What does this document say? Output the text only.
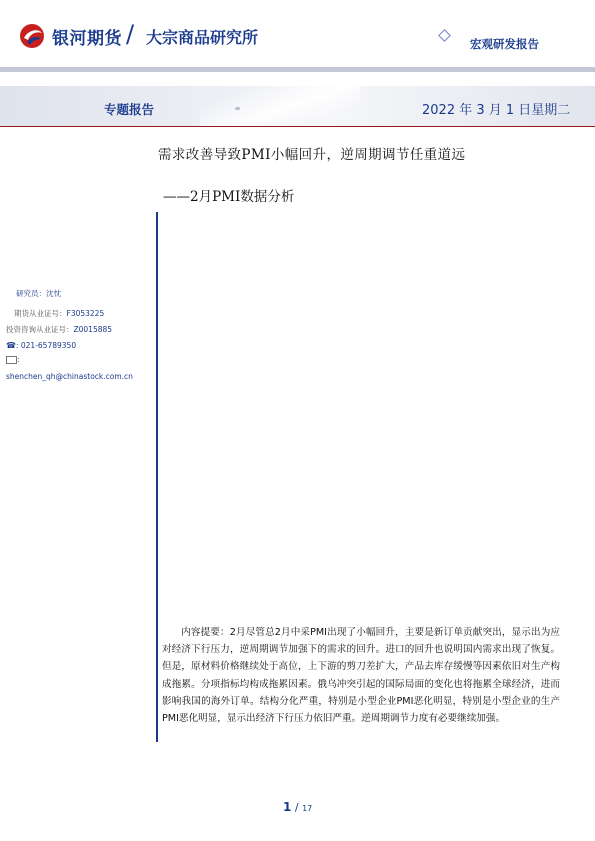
银河期货 / 大宗商品研究所	宏观研发报告
专题报告	2022 年 3 月 1 日星期二
需求改善导致PMI小幅回升，逆周期调节任重道远
——2月PMI数据分析
研究员：沈忱
期货从业证号：F3053225
投资咨询从业证号：Z0015885
☎: 021-65789350
:
shenchen_qh@chinastock.com.cn
内容提要：2月尽管总2月中采PMI出现了小幅回升，主要是新订单贡献突出，显示出为应对经济下行压力，逆周期调节加强下的需求的回升。进口的回升也说明国内需求出现了恢复。但是，原材料价格继续处于高位，上下游的剪刀差扩大，产品去库存缓慢等因素依旧对生产构成拖累。分项指标均构成拖累因素。俄乌冲突引起的国际局面的变化也将拖累全球经济，进而影响我国的海外订单。结构分化严重，特别是小型企业PMI恶化明显，特别是小型企业的生产PMI恶化明显，显示出经济下行压力依旧严重。逆周期调节力度有必要继续加强。
1 / 17
